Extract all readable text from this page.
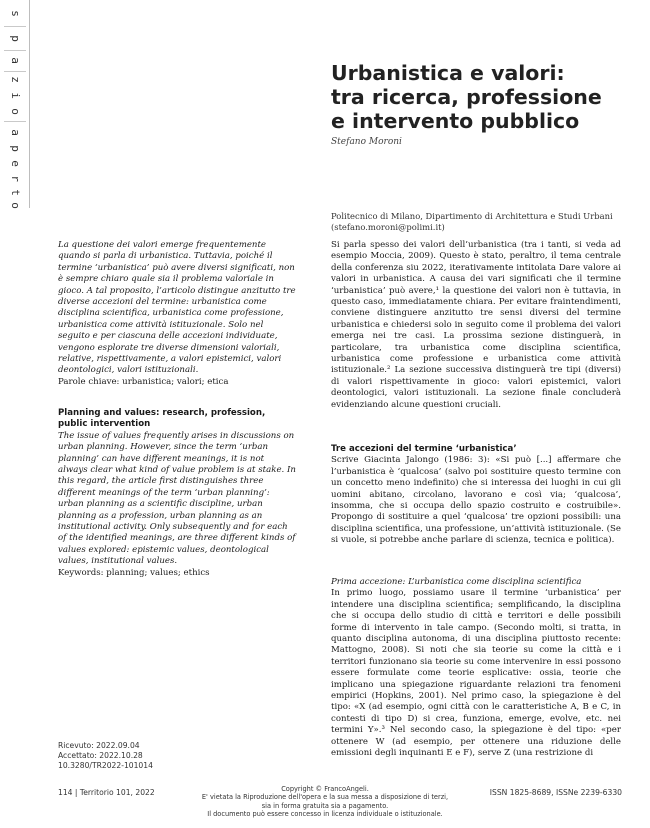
s
p
a
z
i
o
a
p
e
r
t
o
Urbanistica e valori:
tra ricerca, professione
e intervento pubblico
Stefano Moroni
Politecnico di Milano, Dipartimento di Architettura e Studi Urbani
(stefano.moroni@polimi.it)

La questione dei valori emerge frequentemente quando si parla di urbanistica. Tuttavia, poiché il termine ‘urbanistica’ può avere diversi significati, non è sempre chiaro quale sia il problema valoriale in gioco. A tal proposito, l’articolo distingue anzitutto tre diverse accezioni del termine: urbanistica come disciplina scientifica, urbanistica come professione, urbanistica come attività istituzionale. Solo nel seguito e per ciascuna delle accezioni individuate, vengono esplorate tre diverse dimensioni valoriali, relative, rispettivamente, a valori epistemici, valori deontologici, valori istituzionali.

Parole chiave: urbanistica; valori; etica

Planning and values: research, profession, public intervention

The issue of values frequently arises in discussions on urban planning. However, since the term ‘urban planning’ can have different meanings, it is not always clear what kind of value problem is at stake. In this regard, the article first distinguishes three different meanings of the term ‘urban planning’: urban planning as a scientific discipline, urban planning as a profession, urban planning as an institutional activity. Only subsequently and for each of the identified meanings, are three different kinds of values explored: epistemic values, deontological values, institutional values.

Keywords: planning; values; ethics

Ricevuto: 2022.09.04
Accettato: 2022.10.28
10.3280/TR2022-101014

Si parla spesso dei valori dell’urbanistica (tra i tanti, si veda ad esempio Moccia, 2009). Questo è stato, peraltro, il tema centrale della conferenza siu 2022, iterativamente intitolata Dare valore ai valori in urbanistica. A causa dei vari significati che il termine ‘urbanistica’ può avere,¹ la questione dei valori non è tuttavia, in questo caso, immediatamente chiara. Per evitare fraintendimenti, conviene distinguere anzitutto tre sensi diversi del termine urbanistica e chiedersi solo in seguito come il problema dei valori emerga nei tre casi. La prossima sezione distinguerà, in particolare, tra urbanistica come disciplina scientifica, urbanistica come professione e urbanistica come attività istituzionale.² La sezione successiva distinguerà tre tipi (diversi) di valori rispettivamente in gioco: valori epistemici, valori deontologici, valori istituzionali. La sezione finale concluderà evidenziando alcune questioni cruciali.

Tre accezioni del termine ‘urbanistica’

Scrive Giacinta Jalongo (1986: 3): «Si può [...] affermare che l’urbanistica è ‘qualcosa’ (salvo poi sostituire questo termine con un concetto meno indefinito) che si interessa dei luoghi in cui gli uomini abitano, circolano, lavorano e così via; ‘qualcosa’, insomma, che si occupa dello spazio costruito e costruibile». Propongo di sostituire a quel ‘qualcosa’ tre opzioni possibili: una disciplina scientifica, una professione, un’attività istituzionale. (Se si vuole, si potrebbe anche parlare di scienza, tecnica e politica).

Prima accezione: L’urbanistica come disciplina scientifica

In primo luogo, possiamo usare il termine ‘urbanistica’ per intendere una disciplina scientifica; semplificando, la disciplina che si occupa dello studio di città e territori e delle possibili forme di intervento in tale campo. (Secondo molti, si tratta, in quanto disciplina autonoma, di una disciplina piuttosto recente: Mattogno, 2008). Si noti che sia teorie su come la città e i territori funzionano sia teorie su come intervenire in essi possono essere formulate come teorie esplicative: ossia, teorie che implicano una spiegazione riguardante relazioni tra fenomeni empirici (Hopkins, 2001). Nel primo caso, la spiegazione è del tipo: «X (ad esempio, ogni città con le caratteristiche A, B e C, in contesti di tipo D) si crea, funziona, emerge, evolve, etc. nei termini Y».³ Nel secondo caso, la spiegazione è del tipo: «per ottenere W (ad esempio, per ottenere una riduzione delle emissioni degli inquinanti E e F), serve Z (una restrizione di

114 | Territorio 101, 2022	Copyright © FrancoAngeli.
E' vietata la Riproduzione dell'opera e la sua messa a disposizione di terzi,
sia in forma gratuita sia a pagamento.
Il documento può essere concesso in licenza individuale o istituzionale.
ISSN 1825-8689, ISSNe 2239-6330
